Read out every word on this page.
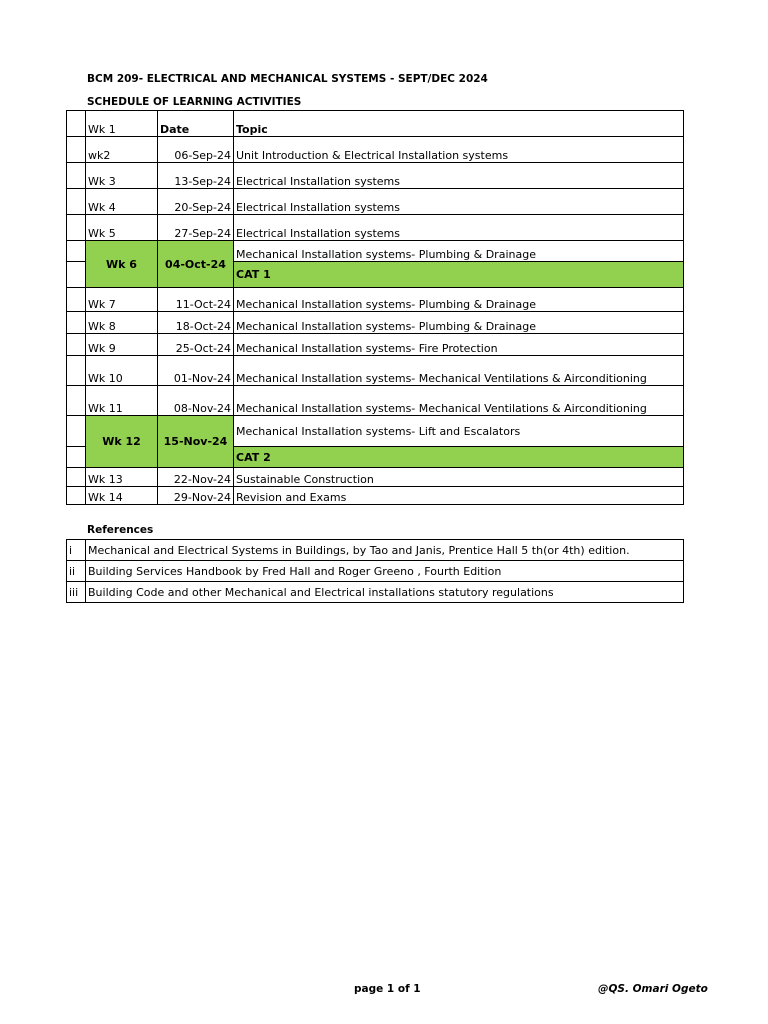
BCM 209- ELECTRICAL AND MECHANICAL SYSTEMS - SEPT/DEC 2024
SCHEDULE OF LEARNING ACTIVITIES
	Wk 1	Date	Topic
	wk2	06-Sep-24	Unit Introduction & Electrical Installation systems
	Wk 3	13-Sep-24	Electrical Installation systems
	Wk 4	20-Sep-24	Electrical Installation systems
	Wk 5	27-Sep-24	Electrical Installation systems
	Wk 6	04-Oct-24	Mechanical Installation systems- Plumbing & Drainage
			CAT 1
	Wk 7	11-Oct-24	Mechanical Installation systems- Plumbing & Drainage
	Wk 8	18-Oct-24	Mechanical Installation systems- Plumbing & Drainage
	Wk 9	25-Oct-24	Mechanical Installation systems- Fire Protection
	Wk 10	01-Nov-24	Mechanical Installation systems- Mechanical Ventilations & Airconditioning
	Wk 11	08-Nov-24	Mechanical Installation systems- Mechanical Ventilations & Airconditioning
	Wk 12	15-Nov-24	Mechanical Installation systems- Lift and Escalators
			CAT 2
	Wk 13	22-Nov-24	Sustainable Construction
	Wk 14	29-Nov-24	Revision and Exams
References
i	Mechanical and Electrical Systems in Buildings, by Tao and Janis, Prentice Hall 5 th(or 4th) edition.
ii	Building Services Handbook by Fred Hall and Roger Greeno , Fourth Edition
iii	Building Code and other Mechanical and Electrical installations statutory regulations
page 1 of 1	@QS. Omari Ogeto
